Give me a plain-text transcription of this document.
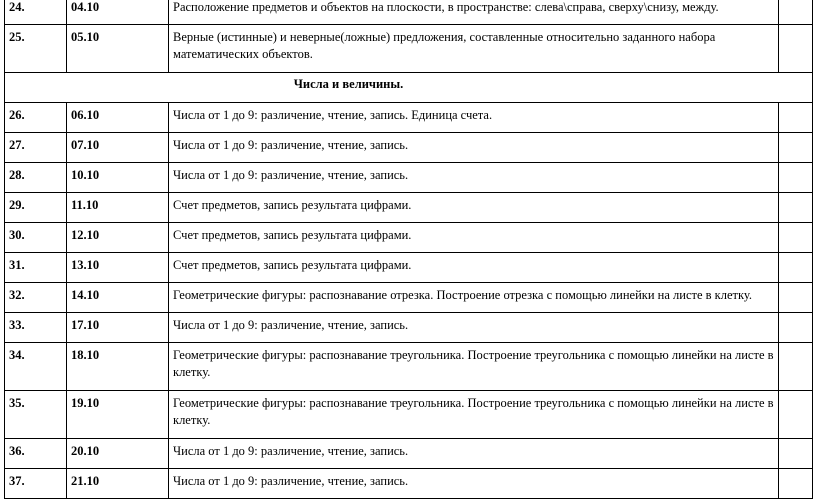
24.	04.10	Расположение предметов и объектов на плоскости, в пространстве: слева\справа, сверху\снизу, между.	
25.	05.10	Верные (истинные) и неверные(ложные) предложения, составленные относительно заданного набора математических объектов.	
Числа и величины.			
26.	06.10	Числа от 1 до 9: различение, чтение, запись. Единица счета.	
27.	07.10	Числа от 1 до 9: различение, чтение, запись.	
28.	10.10	Числа от 1 до 9: различение, чтение, запись.	
29.	11.10	Счет предметов, запись результата цифрами.	
30.	12.10	Счет предметов, запись результата цифрами.	
31.	13.10	Счет предметов, запись результата цифрами.	
32.	14.10	Геометрические фигуры: распознавание отрезка. Построение отрезка с помощью линейки на листе в клетку.	
33.	17.10	Числа от 1 до 9: различение, чтение, запись.	
34.	18.10	Геометрические фигуры: распознавание треугольника. Построение треугольника с помощью линейки на листе в клетку.	
35.	19.10	Геометрические фигуры: распознавание треугольника. Построение треугольника с помощью линейки на листе в клетку.	
36.	20.10	Числа от 1 до 9: различение, чтение, запись.	
37.	21.10	Числа от 1 до 9: различение, чтение, запись.	
